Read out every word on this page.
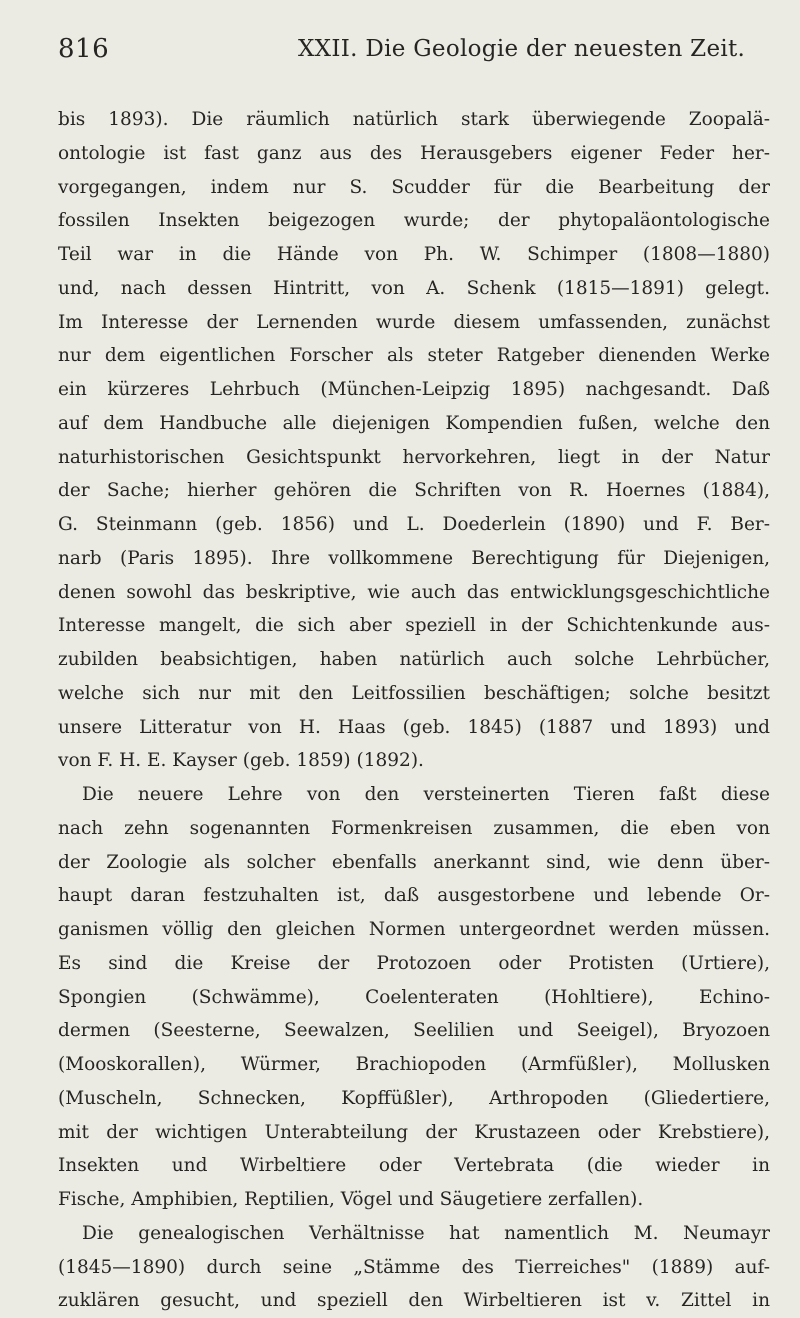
816	XXII. Die Geologie der neuesten Zeit.
bis 1893). Die räumlich natürlich stark überwiegende Zoopalä-
ontologie ist fast ganz aus des Herausgebers eigener Feder her-
vorgegangen, indem nur S. Scudder für die Bearbeitung der
fossilen Insekten beigezogen wurde; der phytopaläontologische
Teil war in die Hände von Ph. W. Schimper (1808—1880)
und, nach dessen Hintritt, von A. Schenk (1815—1891) gelegt.
Im Interesse der Lernenden wurde diesem umfassenden, zunächst
nur dem eigentlichen Forscher als steter Ratgeber dienenden Werke
ein kürzeres Lehrbuch (München-Leipzig 1895) nachgesandt. Daß
auf dem Handbuche alle diejenigen Kompendien fußen, welche den
naturhistorischen Gesichtspunkt hervorkehren, liegt in der Natur
der Sache; hierher gehören die Schriften von R. Hoernes (1884),
G. Steinmann (geb. 1856) und L. Doederlein (1890) und F. Ber-
narb (Paris 1895). Ihre vollkommene Berechtigung für Diejenigen,
denen sowohl das beskriptive, wie auch das entwicklungsgeschichtliche
Interesse mangelt, die sich aber speziell in der Schichtenkunde aus-
zubilden beabsichtigen, haben natürlich auch solche Lehrbücher,
welche sich nur mit den Leitfossilien beschäftigen; solche besitzt
unsere Litteratur von H. Haas (geb. 1845) (1887 und 1893) und
von F. H. E. Kayser (geb. 1859) (1892).
Die neuere Lehre von den versteinerten Tieren faßt diese
nach zehn sogenannten Formenkreisen zusammen, die eben von
der Zoologie als solcher ebenfalls anerkannt sind, wie denn über-
haupt daran festzuhalten ist, daß ausgestorbene und lebende Or-
ganismen völlig den gleichen Normen untergeordnet werden müssen.
Es sind die Kreise der Protozoen oder Protisten (Urtiere),
Spongien (Schwämme), Coelenteraten (Hohltiere), Echino-
dermen (Seesterne, Seewalzen, Seelilien und Seeigel), Bryozoen
(Mooskorallen), Würmer, Brachiopoden (Armfüßler), Mollusken
(Muscheln, Schnecken, Kopffüßler), Arthropoden (Gliedertiere,
mit der wichtigen Unterabteilung der Krustazeen oder Krebstiere),
Insekten und Wirbeltiere oder Vertebrata (die wieder in
Fische, Amphibien, Reptilien, Vögel und Säugetiere zerfallen).
Die genealogischen Verhältnisse hat namentlich M. Neumayr
(1845—1890) durch seine „Stämme des Tierreiches" (1889) auf-
zuklären gesucht, und speziell den Wirbeltieren ist v. Zittel in
